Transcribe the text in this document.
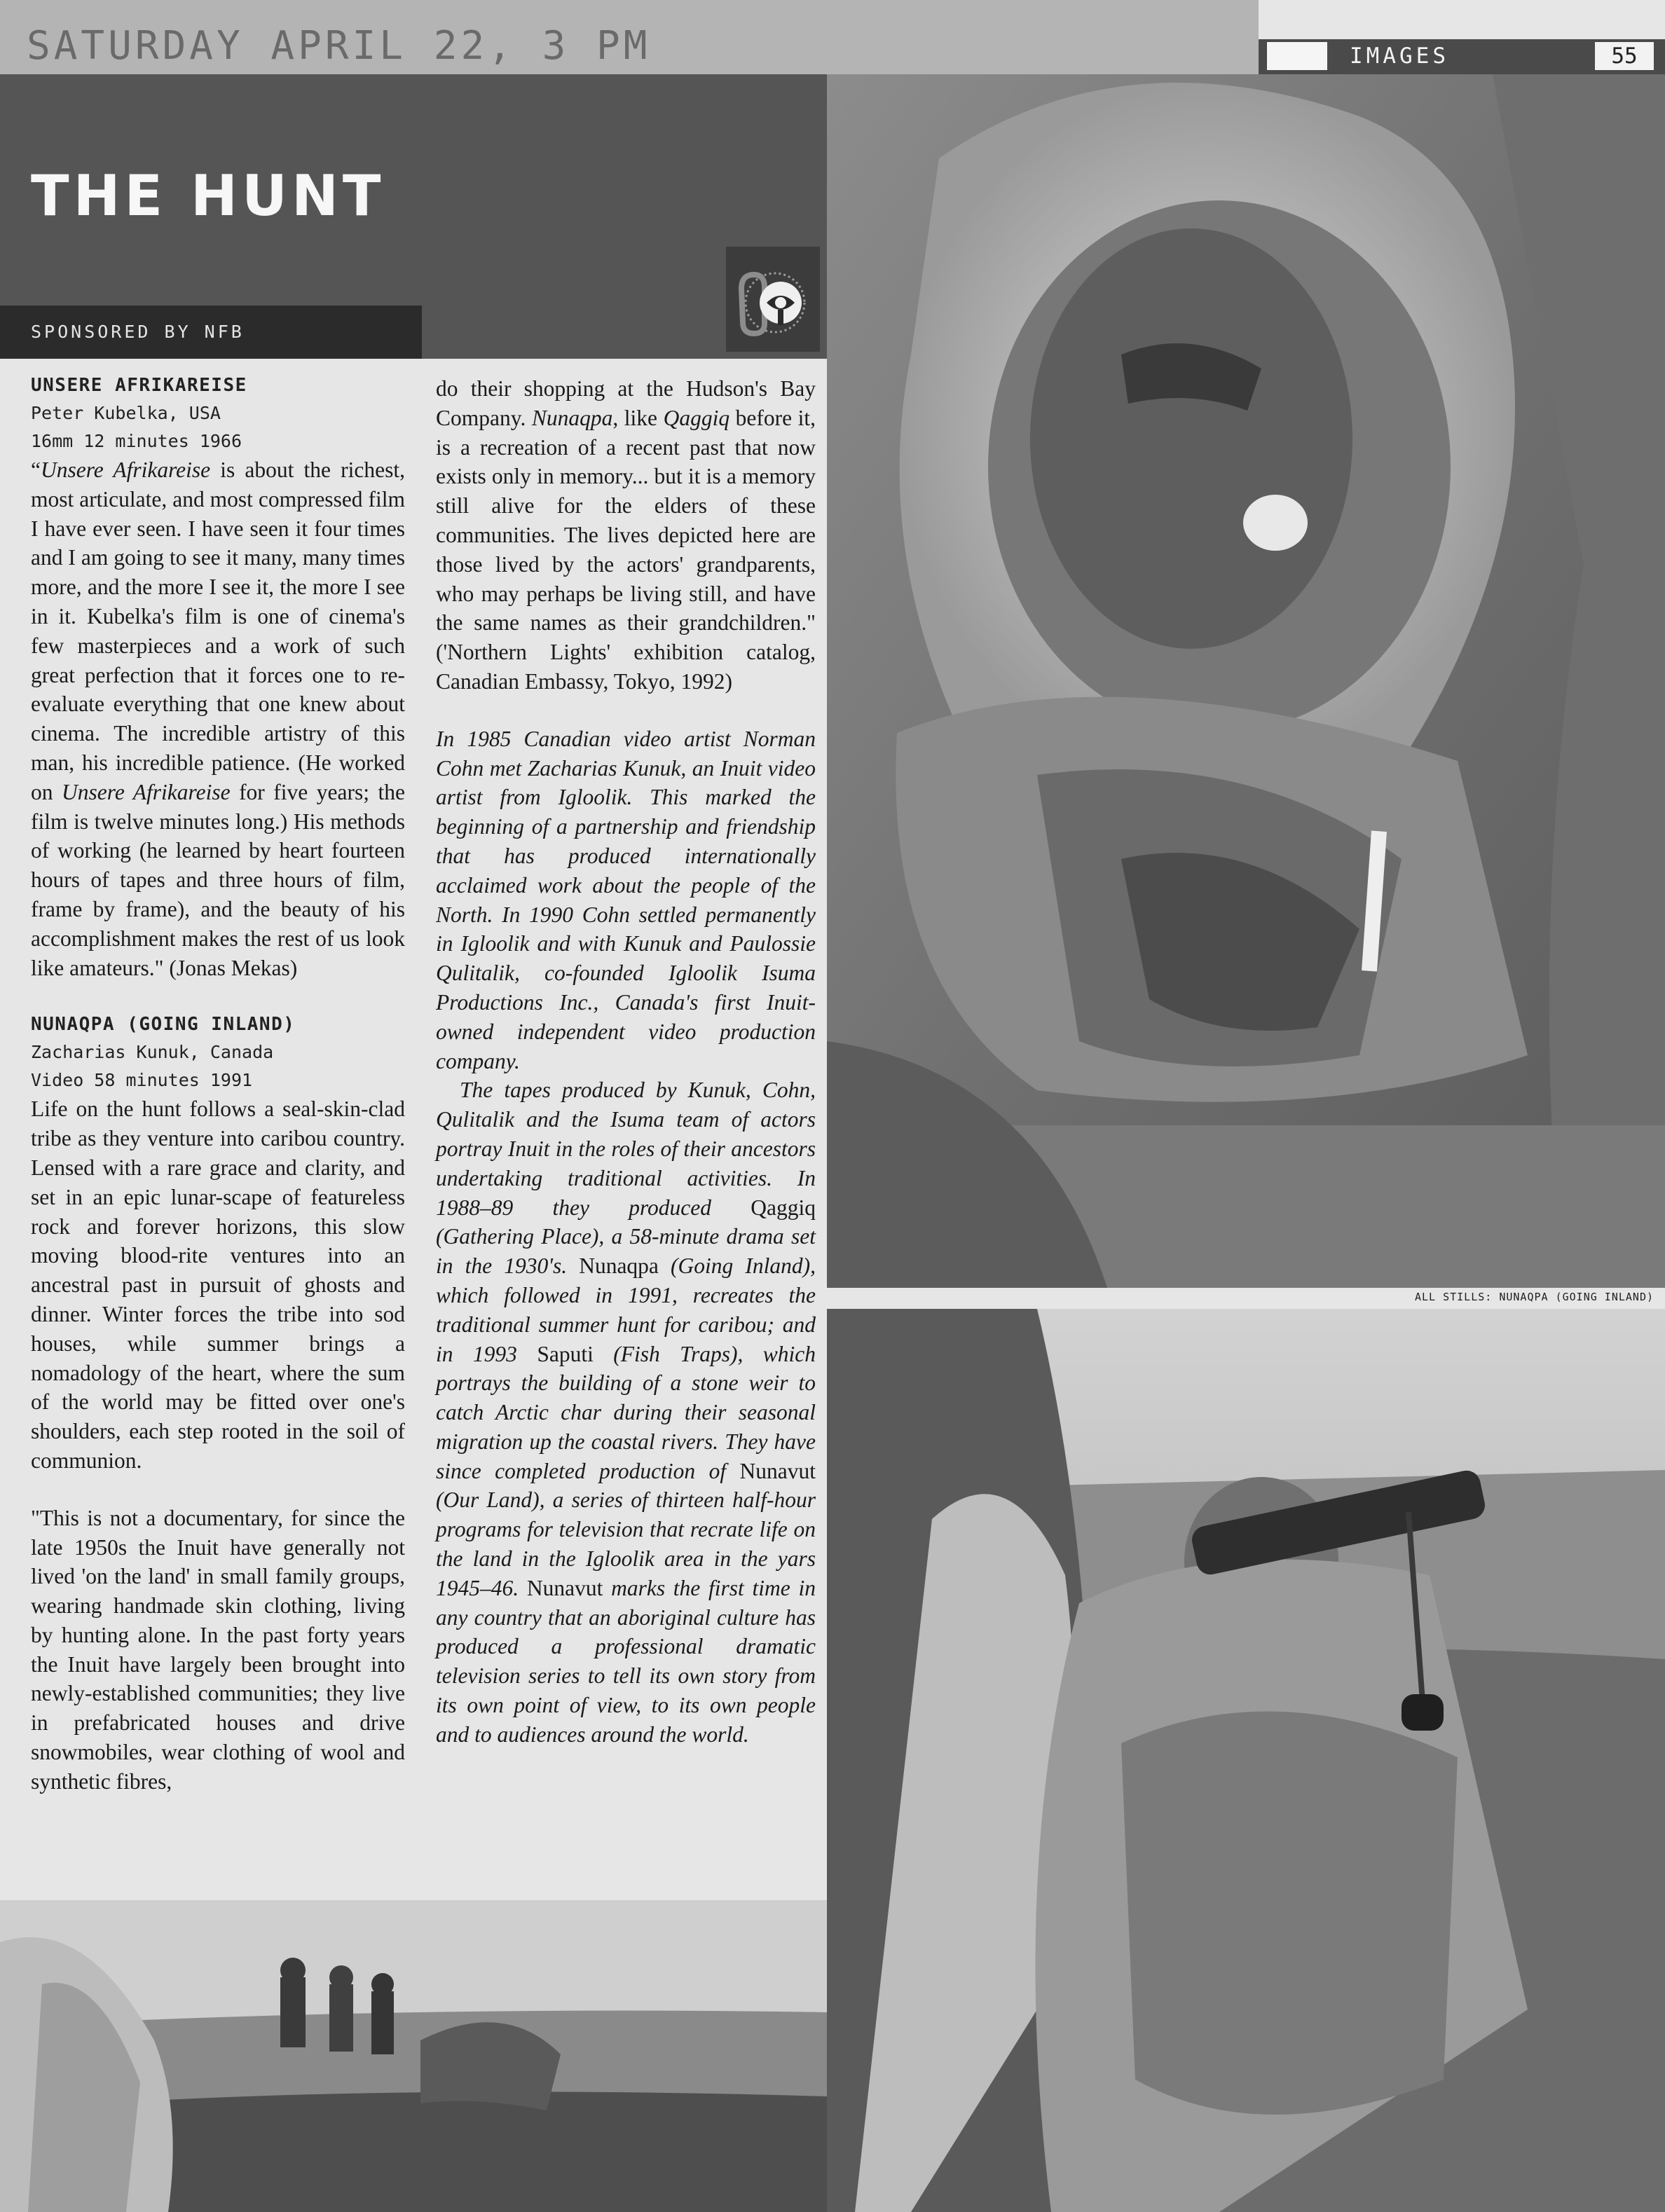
SATURDAY APRIL 22, 3 PM	IMAGES	55
THE HUNT

SPONSORED BY NFB

ALL STILLS: NUNAQPA (GOING INLAND)

UNSERE AFRIKAREISE

Peter Kubelka, USA

16mm 12 minutes 1966

“Unsere Afrikareise is about the richest, most articulate, and most compressed film I have ever seen. I have seen it four times and I am going to see it many, many times more, and the more I see it, the more I see in it. Kubelka's film is one of cinema's few masterpieces and a work of such great perfection that it forces one to re-evaluate everything that one knew about cinema. The incredible artistry of this man, his incredible patience. (He worked on Unsere Afrikareise for five years; the film is twelve minutes long.) His methods of working (he learned by heart fourteen hours of tapes and three hours of film, frame by frame), and the beauty of his accomplishment makes the rest of us look like amateurs." (Jonas Mekas)

NUNAQPA (GOING INLAND)

Zacharias Kunuk, Canada

Video 58 minutes 1991

Life on the hunt follows a seal-skin-clad tribe as they venture into caribou country. Lensed with a rare grace and clarity, and set in an epic lunar-scape of featureless rock and forever horizons, this slow moving blood-rite ventures into an ancestral past in pursuit of ghosts and dinner. Winter forces the tribe into sod houses, while summer brings a nomadology of the heart, where the sum of the world may be fitted over one's shoulders, each step rooted in the soil of communion.

"This is not a documentary, for since the late 1950s the Inuit have generally not lived 'on the land' in small family groups, wearing handmade skin clothing, living by hunting alone. In the past forty years the Inuit have largely been brought into newly-established communities; they live in prefabricated houses and drive snowmobiles, wear clothing of wool and synthetic fibres,

do their shopping at the Hudson's Bay Company. Nunaqpa, like Qaggiq before it, is a recreation of a recent past that now exists only in memory... but it is a memory still alive for the elders of these communities. The lives depicted here are those lived by the actors' grandparents, who may perhaps be living still, and have the same names as their grandchildren." ('Northern Lights' exhibition catalog, Canadian Embassy, Tokyo, 1992)

In 1985 Canadian video artist Norman Cohn met Zacharias Kunuk, an Inuit video artist from Igloolik. This marked the beginning of a partnership and friendship that has produced internationally acclaimed work about the people of the North. In 1990 Cohn settled permanently in Igloolik and with Kunuk and Paulossie Qulitalik, co-founded Igloolik Isuma Productions Inc., Canada's first Inuit-owned independent video production company.

The tapes produced by Kunuk, Cohn, Qulitalik and the Isuma team of actors portray Inuit in the roles of their ancestors undertaking traditional activities. In 1988–89 they produced Qaggiq (Gathering Place), a 58-minute drama set in the 1930's. Nunaqpa (Going Inland), which followed in 1991, recreates the traditional summer hunt for caribou; and in 1993 Saputi (Fish Traps), which portrays the building of a stone weir to catch Arctic char during their seasonal migration up the coastal rivers. They have since completed production of Nunavut (Our Land), a series of thirteen half-hour programs for television that recrate life on the land in the Igloolik area in the yars 1945–46. Nunavut marks the first time in any country that an aboriginal culture has produced a professional dramatic television series to tell its own story from its own point of view, to its own people and to audiences around the world.
